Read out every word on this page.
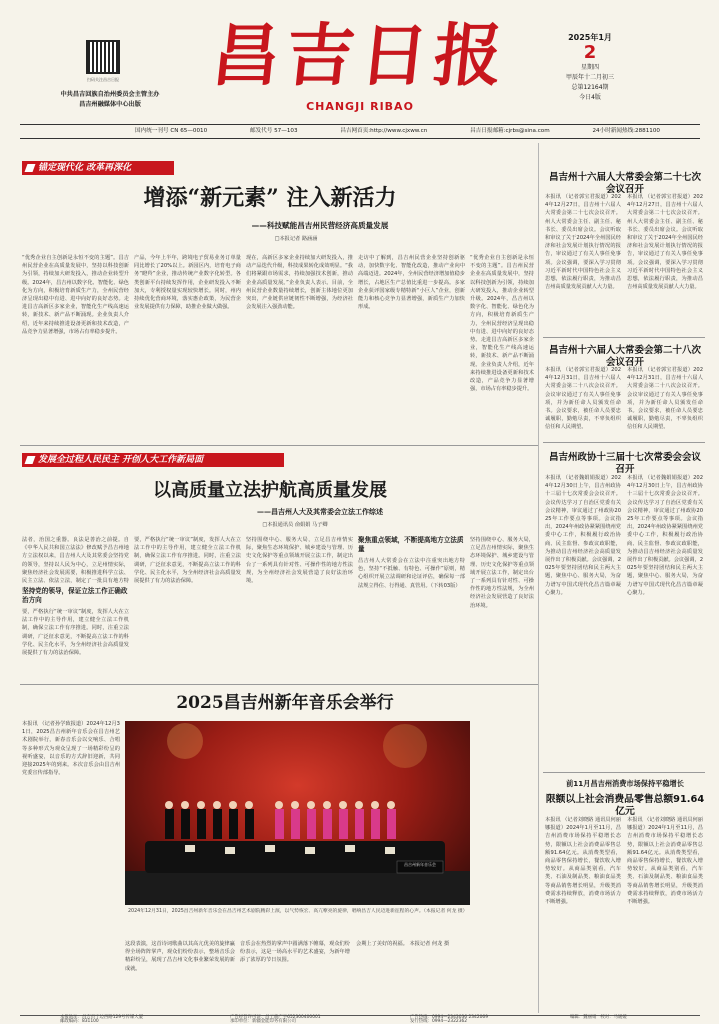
扫码关注昌吉日报
中共昌吉回族自治州委员会主管主办
昌吉州融媒体中心出版
昌吉日报
CHANGJI RIBAO
2025年1月
2
星期四
甲辰年十二月初三
总第12164期
今日4版
国内统一刊号 CN 65—0010	邮发代号 57—103	昌吉网首页:http://www.cjxww.cn	昌吉日报邮箱:cjrbs@sina.com	24小时新闻热线:2881100
锚定现代化 改革再深化
增添“新元素” 注入新活力
——科技赋能昌吉州民营经济高质量发展
□本报记者 路涵涵
“优秀企业自主创新是永恒不变的主题”。昌吉州民营企业在高质量发展中，坚持以科技创新为引领，持续加大研发投入，推动企业转型升级。2024年，昌吉州以数字化、智能化、绿色化为方向，积极培育新质生产力，全州民营经济呈现出稳中有进、进中向好的良好态势。走进昌吉高新区多家企业，智能化生产线高速运转，新技术、新产品不断涌现。企业负责人介绍，近年来持续推进设备更新和技术改造，产品竞争力显著增强，市场占有率稳步提升。
产品，今年上半年，跨境电子贸易业务订单量同比增长了20%以上。新园区内，培育电子商务“瞪羚”企业，推动传统产业数字化转型。各类创新平台持续发挥作用，企业研发投入不断加大，专利授权量实现较快增长。同时，州内持续优化营商环境，落实惠企政策，为民营企业发展提供有力保障，助推企业做大做强。
现在，高新区多家企业持续加大研发投入，推动产品迭代升级，科技成果转化成效明显。“我们将紧跟市场需求，持续加强技术创新，推动企业高质量发展。”企业负责人表示。目前，全州民营企业数量持续增长，创新主体地位更加突出，产业链供应链韧性不断增强，为经济社会发展注入强劲动能。
走访中了解到，昌吉州民营企业坚持创新驱动，加快数字化、智能化改造，推动产业向中高端迈进。2024年，全州民营经济增加值稳步增长，占地区生产总值比重进一步提高。多家企业获评国家级专精特新“小巨人”企业，创新能力和核心竞争力显著增强，新质生产力加快形成。
“优秀企业自主创新是永恒不变的主题”。昌吉州民营企业在高质量发展中，坚持以科技创新为引领，持续加大研发投入，推动企业转型升级。2024年，昌吉州以数字化、智能化、绿色化为方向，积极培育新质生产力，全州民营经济呈现出稳中有进、进中向好的良好态势。走进昌吉高新区多家企业，智能化生产线高速运转，新技术、新产品不断涌现。企业负责人介绍，近年来持续推进设备更新和技术改造，产品竞争力显著增强，市场占有率稳步提升。
发展全过程人民民主 开创人大工作新局面
以高质量立法护航高质量发展
——昌吉州人大及其常委会立法工作综述
□本报通讯员 俞娟娟 马子卿
法者，治国之重器。良法是善治之前提。自《中华人民共和国立法法》修改赋予昌吉州地方立法权以来，昌吉州人大及其常委会坚持党的领导，坚持以人民为中心，立足州情实际，聚焦经济社会发展需要，积极推进科学立法、民主立法、依法立法，制定了一批具有地方特
坚持党的领导，保证立法工作正确政治方向
要，严格执行“统一审议”制度，发挥人大在立法工作中的主导作用，建立健全立法工作机制，确保立法工作有序推进。同时，注重立法调研，广泛征求意见，不断提高立法工作的科学化、民主化水平，为全州经济社会高质量发展提供了有力的法治保障。
要，严格执行“统一审议”制度，发挥人大在立法工作中的主导作用，建立健全立法工作机制，确保立法工作有序推进。同时，注重立法调研，广泛征求意见，不断提高立法工作的科学化、民主化水平，为全州经济社会高质量发展提供了有力的法治保障。
坚持围绕中心、服务大局，立足昌吉州情实际，聚焦生态环境保护、城乡建设与管理、历史文化保护等重点领域开展立法工作，制定出台了一系列具有针对性、可操作性的地方性法规，为全州经济社会发展营造了良好法治环境。
聚焦重点领域，不断提高地方立法质量
昌吉州人大常委会在立法中注重突出地方特色，坚持“不抵触、有特色、可操作”原则，精心组织开展立法调研和论证评估，确保每一部法规立得住、行得通、真管用。（下转03版）
坚持围绕中心、服务大局，立足昌吉州情实际，聚焦生态环境保护、城乡建设与管理、历史文化保护等重点领域开展立法工作，制定出台了一系列具有针对性、可操作性的地方性法规，为全州经济社会发展营造了良好法治环境。
2025昌吉州新年音乐会举行
本报讯 （记者孙学致报道）2024年12月31日，2025昌吉州新年音乐会在昌吉州艺术剧院举行，新春音乐会以交响乐、合唱等多种形式为观众呈现了一场精彩纷呈的视听盛宴，以音乐的方式辞旧迎新，共同迎接2025年的到来。本次音乐会由昌吉州党委宣传部指导。
昌吉州新年音乐会
2024年12月31日，2025昌吉州新年音乐会在昌吉州艺术剧院精彩上演，以气势恢宏、高亢嘹亮的旋律，唱响昌吉人民迈进新征程的心声。（本报记者 何龙 摄）
这段表演，这首诗词歌曲以其高亢优美的旋律赢得全场阵阵掌声，观众们纷纷表示，整场音乐会精彩纷呈，展现了昌吉州文化事业繁荣发展的新成就。
音乐会在热烈的掌声中圆满落下帷幕，观众们纷纷表示，这是一场高水平的艺术盛宴，为新年增添了浓厚的节日氛围。
会期上了美好的祝福。 本报记者 何龙 摄
昌吉州十六届人大常委会第二十七次会议召开
本报讯 （记者郭宝君报道）2024年12月27日，昌吉州十六届人大常委会第二十七次会议召开。州人大常委会主任、副主任、秘书长、委员出席会议。会议听取和审议了关于2024年全州国民经济和社会发展计划执行情况的报告，审议通过了有关人事任免事项。会议强调，要深入学习贯彻习近平新时代中国特色社会主义思想，依法履行职责，为推动昌吉州高质量发展贡献人大力量。
本报讯 （记者郭宝君报道）2024年12月27日，昌吉州十六届人大常委会第二十七次会议召开。州人大常委会主任、副主任、秘书长、委员出席会议。会议听取和审议了关于2024年全州国民经济和社会发展计划执行情况的报告，审议通过了有关人事任免事项。会议强调，要深入学习贯彻习近平新时代中国特色社会主义思想，依法履行职责，为推动昌吉州高质量发展贡献人大力量。
昌吉州十六届人大常委会第二十八次会议召开
本报讯 （记者郭宝君报道）2024年12月31日，昌吉州十六届人大常委会第二十八次会议召开。会议审议通过了有关人事任免事项，并为新任命人员颁发任命书。会议要求，被任命人员要忠诚履职，勤勉尽责，不辜负组织信任和人民期望。
本报讯 （记者郭宝君报道）2024年12月31日，昌吉州十六届人大常委会第二十八次会议召开。会议审议通过了有关人事任免事项，并为新任命人员颁发任命书。会议要求，被任命人员要忠诚履职，勤勉尽责，不辜负组织信任和人民期望。
昌吉州政协十三届十七次常委会会议召开
本报讯 （记者魏娟娟报道）2024年12月30日上午，昌吉州政协十三届十七次常委会会议召开。会议传达学习了自治区党委有关会议精神，审议通过了州政协2025年工作要点等事项。会议指出，2024年州政协紧紧围绕州党委中心工作，积极履行政治协商、民主监督、参政议政职能，为推动昌吉州经济社会高质量发展作出了积极贡献。会议强调，2025年要坚持团结和民主两大主题，聚焦中心、服务大局，为奋力谱写中国式现代化昌吉篇章凝心聚力。
本报讯 （记者魏娟娟报道）2024年12月30日上午，昌吉州政协十三届十七次常委会会议召开。会议传达学习了自治区党委有关会议精神，审议通过了州政协2025年工作要点等事项。会议指出，2024年州政协紧紧围绕州党委中心工作，积极履行政治协商、民主监督、参政议政职能，为推动昌吉州经济社会高质量发展作出了积极贡献。会议强调，2025年要坚持团结和民主两大主题，聚焦中心、服务大局，为奋力谱写中国式现代化昌吉篇章凝心聚力。
前11月昌吉州消费市场保持平稳增长
限额以上社会消费品零售总额91.64亿元
本报讯 （记者刘晓路 通讯员何丽娜报道）2024年1月至11月，昌吉州消费市场保持平稳增长态势，限额以上社会消费品零售总额91.64亿元。从消费类型看，商品零售保持增长，餐饮收入增势较好。从商品类别看，汽车类、石油及制品类、粮油食品类等商品销售增长明显，升级类消费需求持续释放，消费市场活力不断增强。
本报讯 （记者刘晓路 通讯员何丽娜报道）2024年1月至11月，昌吉州消费市场保持平稳增长态势，限额以上社会消费品零售总额91.64亿元。从消费类型看，商品零售保持增长，餐饮收入增势较好。从商品类别看，汽车类、石油及制品类、粮油食品类等商品销售增长明显，升级类消费需求持续释放，消费市场活力不断增强。
本报地址：昌吉市宁边西路129号传媒大厦
邮政编码：831100
广告经营许可证：昌工商广字652300400001
承印单位：新疆金能印务有限公司
广告热线：0994—2343036 2342069
发行热线：0994—2322362
编辑：魏丽娟 校对：马媛媛
